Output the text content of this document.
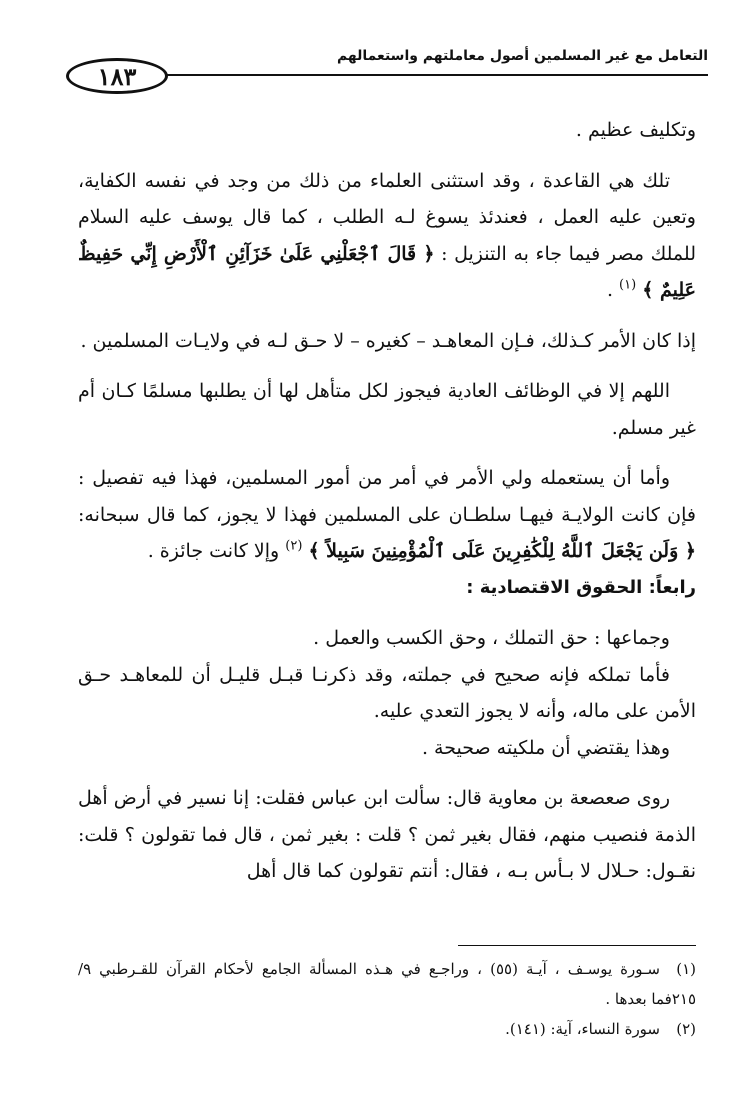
١٨٣
التعامل مع غير المسلمين أصول معاملتهم واستعمالهم

وتكليف عظيم .

تلك هي القاعدة ، وقد استثنى العلماء من ذلك من وجد في نفسه الكفاية، وتعين عليه العمل ، فعندئذ يسوغ لـه الطلب ، كما قال يوسف عليه السلام للملك مصر فيما جاء به التنزيل : ﴿ قَالَ ٱجْعَلْنِي عَلَىٰ خَزَآئِنِ ٱلْأَرْضِ إِنِّي حَفِيظٌ عَلِيمٌ ﴾ $^{(١)}$ .

إذا كان الأمر كـذلك، فـإن المعاهـد – كغيره – لا حـق لـه في ولايـات المسلمين .

اللهم إلا في الوظائف العادية فيجوز لكل متأهل لها أن يطلبها مسلمًا كـان أم غير مسلم.

وأما أن يستعمله ولي الأمر في أمر من أمور المسلمين، فهذا فيه تفصيل : فإن كانت الولايـة فيهـا سلطـان على المسلمين فهذا لا يجوز، كما قال سبحانه: ﴿ وَلَن يَجْعَلَ ٱللَّهُ لِلْكَٰفِرِينَ عَلَى ٱلْمُؤْمِنِينَ سَبِيلاً ﴾ $^{(٢)}$ وإلا كانت جائزة .

رابعاً: الحقوق الاقتصادية :

وجماعها : حق التملك ، وحق الكسب والعمل .

فأما تملكه فإنه صحيح في جملته، وقد ذكرنـا قبـل قليـل أن للمعاهـد حـق الأمن على ماله، وأنه لا يجوز التعدي عليه.

وهذا يقتضي أن ملكيته صحيحة .

روى صعصعة بن معاوية قال: سألت ابن عباس فقلت: إنا نسير في أرض أهل الذمة فنصيب منهم، فقال بغير ثمن ؟ قلت : بغير ثمن ، قال فما تقولون ؟ قلت: نقـول: حـلال لا بـأس بـه ، فقال: أنتم تقولون كما قال أهل

(١)سـورة يوسـف ، آيـة (٥٥) ، وراجـع في هـذه المسألة الجامع لأحكام القرآن للقـرطبي ٩/ ٢١٥فما بعدها .

(٢)سورة النساء، آية: (١٤١).
